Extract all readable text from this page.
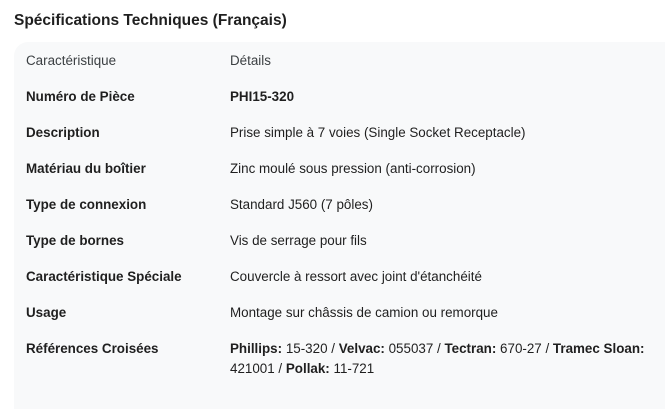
Spécifications Techniques (Français)
Caractéristique	Détails
Numéro de Pièce	PHI15-320
Description	Prise simple à 7 voies (Single Socket Receptacle)
Matériau du boîtier	Zinc moulé sous pression (anti-corrosion)
Type de connexion	Standard J560 (7 pôles)
Type de bornes	Vis de serrage pour fils
Caractéristique Spéciale	Couvercle à ressort avec joint d'étanchéité
Usage	Montage sur châssis de camion ou remorque
Références Croisées	Phillips: 15-320 / Velvac: 055037 / Tectran: 670-27 / Tramec Sloan: 421001 / Pollak: 11-721
